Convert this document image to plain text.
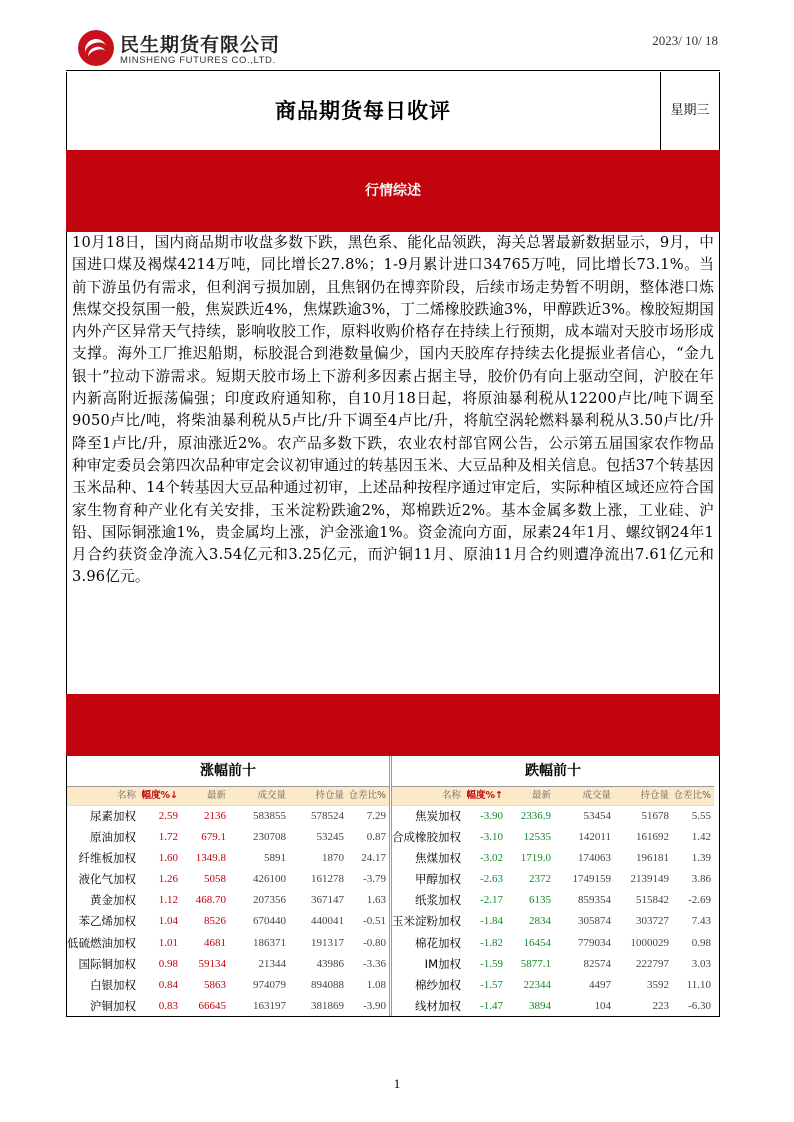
民生期货有限公司
MINSHENG FUTURES CO.,LTD.
2023/ 10/ 18
商品期货每日收评	星期三
行情综述

10月18日，国内商品期市收盘多数下跌，黑色系、能化品领跌，海关总署最新数据显示，9月，中国进口煤及褐煤4214万吨，同比增长27.8%；1-9月累计进口34765万吨，同比增长73.1%。当前下游虽仍有需求，但利润亏损加剧，且焦钢仍在博弈阶段，后续市场走势暂不明朗，整体港口炼焦煤交投氛围一般，焦炭跌近4%，焦煤跌逾3%，丁二烯橡胶跌逾3%，甲醇跌近3%。橡胶短期国内外产区异常天气持续，影响收胶工作，原料收购价格存在持续上行预期，成本端对天胶市场形成支撑。海外工厂推迟船期，标胶混合到港数量偏少，国内天胶库存持续去化提振业者信心，“金九银十”拉动下游需求。短期天胶市场上下游利多因素占据主导，胶价仍有向上驱动空间，沪胶在年内新高附近振荡偏强；印度政府通知称，自10月18日起，将原油暴利税从12200卢比/吨下调至9050卢比/吨，将柴油暴利税从5卢比/升下调至4卢比/升，将航空涡轮燃料暴利税从3.50卢比/升降至1卢比/升，原油涨近2%。农产品多数下跌，农业农村部官网公告，公示第五届国家农作物品种审定委员会第四次品种审定会议初审通过的转基因玉米、大豆品种及相关信息。包括37个转基因玉米品种、14个转基因大豆品种通过初审，上述品种按程序通过审定后，实际种植区域还应符合国家生物育种产业化有关安排，玉米淀粉跌逾2%，郑棉跌近2%。基本金属多数上涨，工业硅、沪铅、国际铜涨逾1%，贵金属均上涨，沪金涨逾1%。资金流向方面，尿素24年1月、螺纹钢24年1月合约获资金净流入3.54亿元和3.25亿元，而沪铜11月、原油11月合约则遭净流出7.61亿元和3.96亿元。

涨幅前十
名称 幅度%↓	最新	成交量	持仓量 仓差比%
尿素加权	2.59	2136	583855	578524	7.29
原油加权	1.72	679.1	230708	53245	0.87
纤维板加权	1.60	1349.8	5891	1870	24.17
液化气加权	1.26	5058	426100	161278	-3.79
黄金加权	1.12	468.70	207356	367147	1.63
苯乙烯加权	1.04	8526	670440	440041	-0.51
低硫燃油加权	1.01	4681	186371	191317	-0.80
国际铜加权	0.98	59134	21344	43986	-3.36
白银加权	0.84	5863	974079	894088	1.08
沪铜加权	0.83	66645	163197	381869	-3.90
跌幅前十
名称 幅度%↑	最新	成交量	持仓量 仓差比%
焦炭加权	-3.90	2336.9	53454	51678	5.55
合成橡胶加权	-3.10	12535	142011	161692	1.42
焦煤加权	-3.02	1719.0	174063	196181	1.39
甲醇加权	-2.63	2372	1749159	2139149	3.86
纸浆加权	-2.17	6135	859354	515842	-2.69
玉米淀粉加权	-1.84	2834	305874	303727	7.43
棉花加权	-1.82	16454	779034	1000029	0.98
IM加权	-1.59	5877.1	82574	222797	3.03
棉纱加权	-1.57	22344	4497	3592	11.10
线材加权	-1.47	3894	104	223	-6.30
1
